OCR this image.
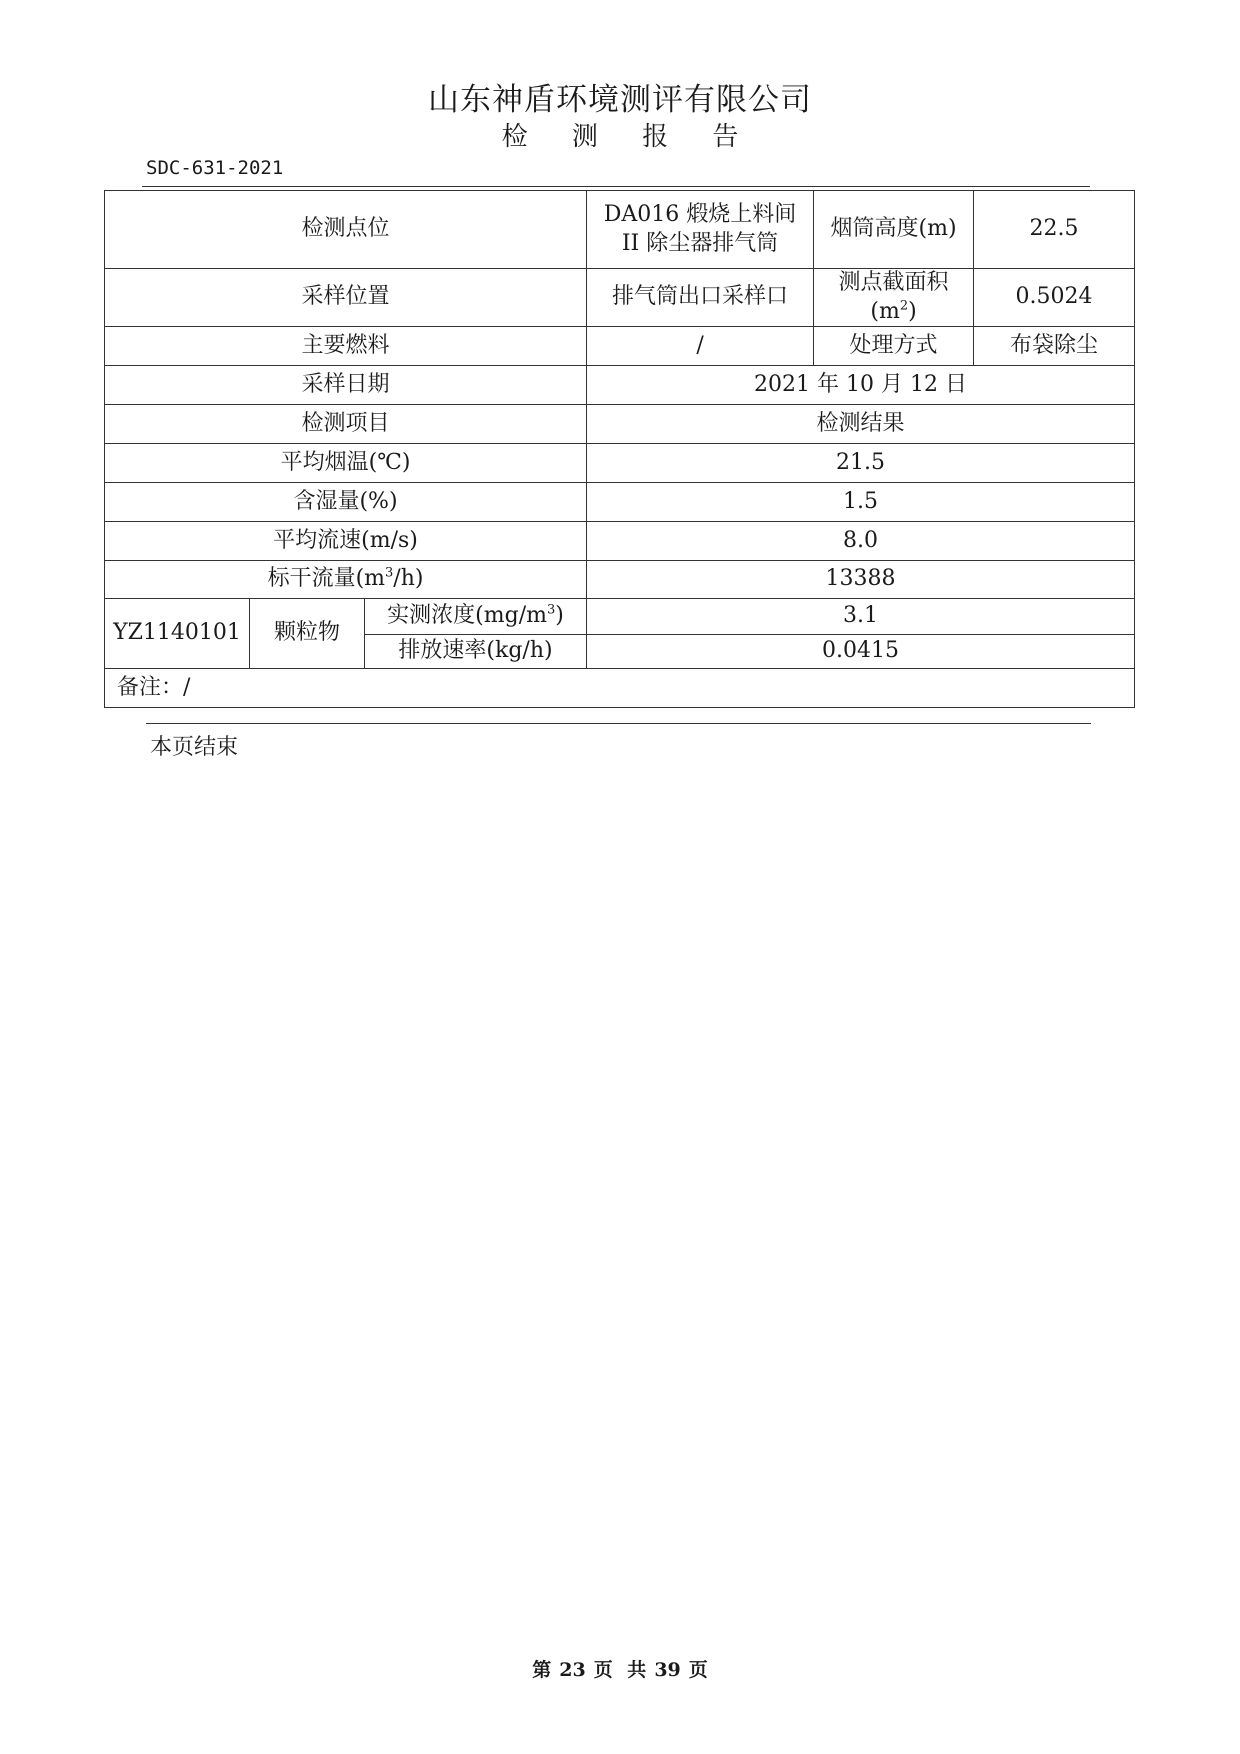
山东神盾环境测评有限公司
检 测 报 告
SDC-631-2021
检测点位			DA016 煅烧上料间
II 除尘器排气筒	烟筒高度(m)	22.5
采样位置			排气筒出口采样口	测点截面积$(m^2)$	0.5024
主要燃料			/	处理方式	布袋除尘
采样日期			2021 年 10 月 12 日		
检测项目			检测结果		
平均烟温(℃)			21.5		
含湿量(%)			1.5		
平均流速(m/s)			8.0		
标干流量$(m^3/h)$			13388		
YZ1140101	颗粒物	实测浓度$(mg/m^3)$	3.1		
		排放速率(kg/h)	0.0415		
备注：/					
本页结束
第 23 页 共 39 页
